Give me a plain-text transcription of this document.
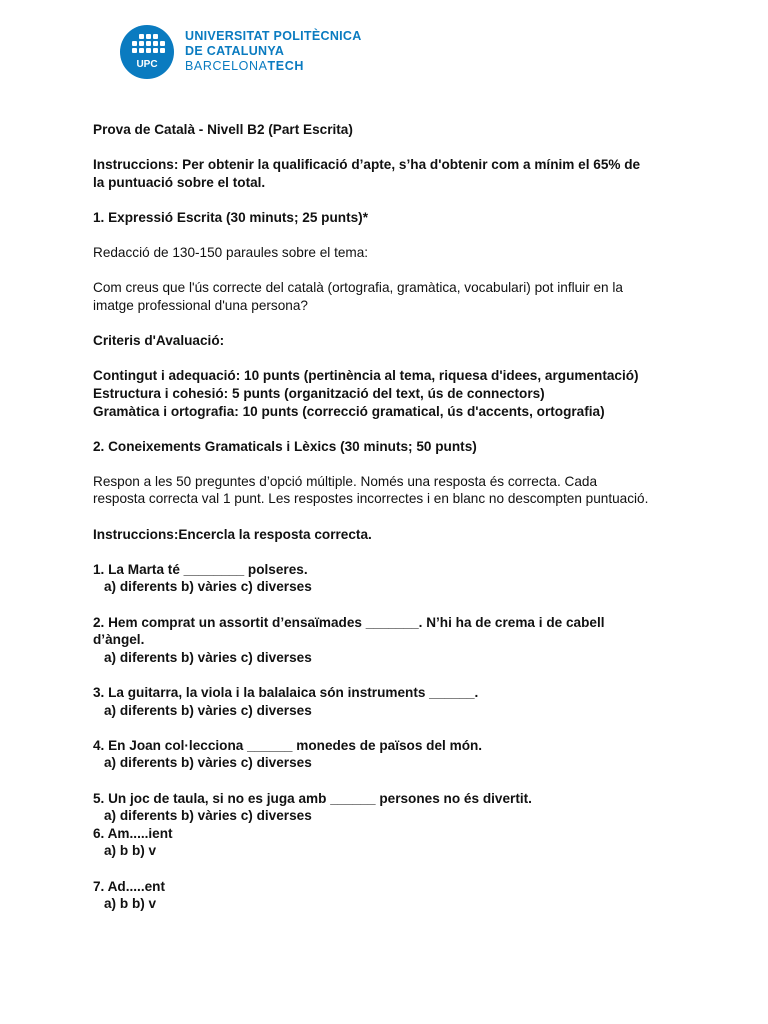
UPC
UNIVERSITAT POLITÈCNICA
DE CATALUNYA
BARCELONATECH

Prova de Català - Nivell B2 (Part Escrita)

Instruccions: Per obtenir la qualificació d’apte, s’ha d'obtenir com a mínim el 65% de

la puntuació sobre el total.

1. Expressió Escrita (30 minuts; 25 punts)*

Redacció de 130-150 paraules sobre el tema:

Com creus que l'ús correcte del català (ortografia, gramàtica, vocabulari) pot influir en la

imatge professional d'una persona?

Criteris d'Avaluació:

Contingut i adequació: 10 punts (pertinència al tema, riquesa d'idees, argumentació)

Estructura i cohesió: 5 punts (organització del text, ús de connectors)

Gramàtica i ortografia: 10 punts (correcció gramatical, ús d'accents, ortografia)

2. Coneixements Gramaticals i Lèxics (30 minuts; 50 punts)

Respon a les 50 preguntes d’opció múltiple. Només una resposta és correcta. Cada

resposta correcta val 1 punt. Les respostes incorrectes i en blanc no descompten puntuació.

Instruccions:Encercla la resposta correcta.

1. La Marta té ________ polseres.

a) diferents b) vàries c) diverses

2. Hem comprat un assortit d’ensaïmades _______. N’hi ha de crema i de cabell

d’àngel.

a) diferents b) vàries c) diverses

3. La guitarra, la viola i la balalaica són instruments ______.

a) diferents b) vàries c) diverses

4. En Joan col·lecciona ______ monedes de països del món.

a) diferents b) vàries c) diverses

5. Un joc de taula, si no es juga amb ______ persones no és divertit.

a) diferents b) vàries c) diverses

6. Am.....ient

a) b b) v

7. Ad.....ent

a) b b) v
